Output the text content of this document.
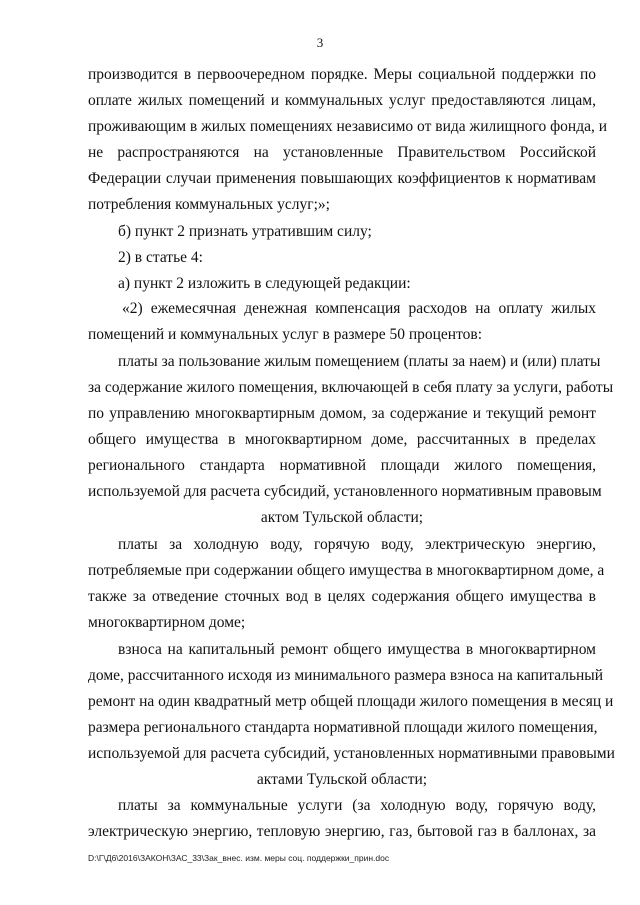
3
производится в первоочередном порядке. Меры социальной поддержки по
оплате жилых помещений и коммунальных услуг предоставляются лицам,
проживающим в жилых помещениях независимо от вида жилищного фонда, и
не распространяются на установленные Правительством Российской
Федерации случаи применения повышающих коэффициентов к нормативам
потребления коммунальных услуг;»;
б) пункт 2 признать утратившим силу;
2) в статье 4:
а) пункт 2 изложить в следующей редакции:
«2) ежемесячная денежная компенсация расходов на оплату жилых
помещений и коммунальных услуг в размере 50 процентов:
платы за пользование жилым помещением (платы за наем) и (или) платы
за содержание жилого помещения, включающей в себя плату за услуги, работы
по управлению многоквартирным домом, за содержание и текущий ремонт
общего имущества в многоквартирном доме, рассчитанных в пределах
регионального стандарта нормативной площади жилого помещения,
используемой для расчета субсидий, установленного нормативным правовым
актом Тульской области;
платы за холодную воду, горячую воду, электрическую энергию,
потребляемые при содержании общего имущества в многоквартирном доме, а
также за отведение сточных вод в целях содержания общего имущества в
многоквартирном доме;
взноса на капитальный ремонт общего имущества в многоквартирном
доме, рассчитанного исходя из минимального размера взноса на капитальный
ремонт на один квадратный метр общей площади жилого помещения в месяц и
размера регионального стандарта нормативной площади жилого помещения,
используемой для расчета субсидий, установленных нормативными правовыми
актами Тульской области;
платы за коммунальные услуги (за холодную воду, горячую воду,
электрическую энергию, тепловую энергию, газ, бытовой газ в баллонах, за
D:\Г\Д6\2016\ЗАКОН\ЗАС_33\Зак_внес. изм. меры соц. поддержки_прин.doc
